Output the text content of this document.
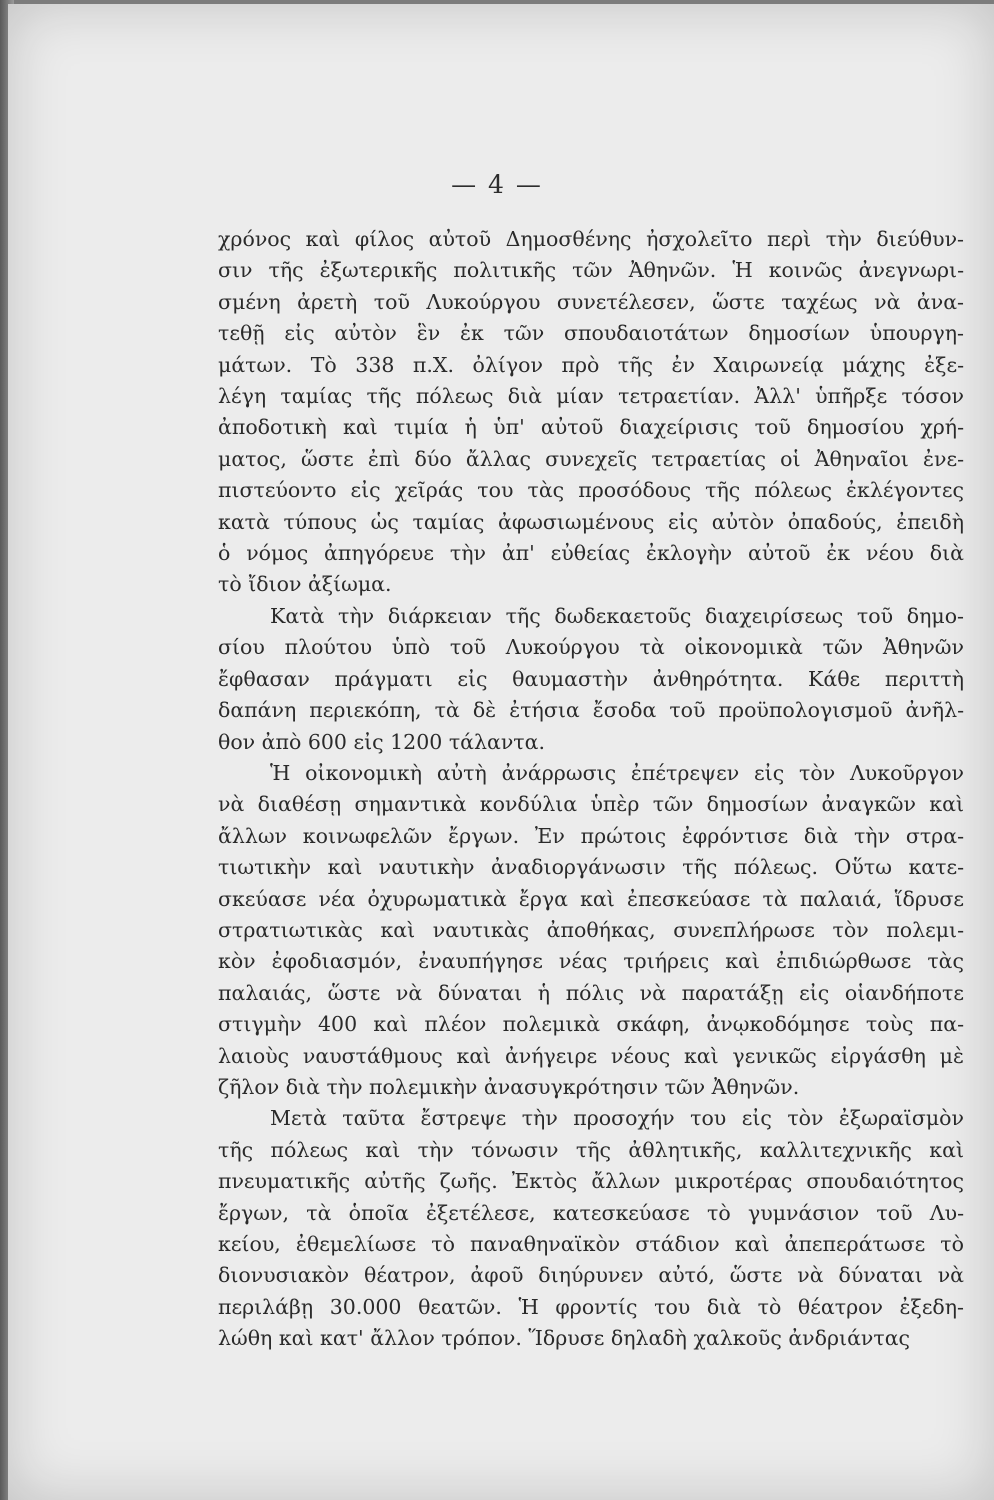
— 4 —
χρόνος καὶ φίλος αὐτοῦ Δημοσθένης ἠσχολεῖτο περὶ τὴν διεύθυν-
σιν τῆς ἐξωτερικῆς πολιτικῆς τῶν Ἀθηνῶν. Ἡ κοινῶς ἀνεγνωρι-
σμένη ἀρετὴ τοῦ Λυκούργου συνετέλεσεν, ὥστε ταχέως νὰ ἀνα-
τεθῇ εἰς αὐτὸν ἓν ἐκ τῶν σπουδαιοτάτων δημοσίων ὑπουργη-
μάτων. Τὸ 338 π.Χ. ὀλίγον πρὸ τῆς ἐν Χαιρωνείᾳ μάχης ἐξε-
λέγη ταμίας τῆς πόλεως διὰ μίαν τετραετίαν. Ἀλλ' ὑπῆρξε τόσον
ἀποδοτικὴ καὶ τιμία ἡ ὑπ' αὐτοῦ διαχείρισις τοῦ δημοσίου χρή-
ματος, ὥστε ἐπὶ δύο ἄλλας συνεχεῖς τετραετίας οἱ Ἀθηναῖοι ἐνε-
πιστεύοντο εἰς χεῖράς του τὰς προσόδους τῆς πόλεως ἐκλέγοντες
κατὰ τύπους ὡς ταμίας ἀφωσιωμένους εἰς αὐτὸν ὀπαδούς, ἐπειδὴ
ὁ νόμος ἀπηγόρευε τὴν ἀπ' εὐθείας ἐκλογὴν αὐτοῦ ἐκ νέου διὰ
τὸ ἴδιον ἀξίωμα.
Κατὰ τὴν διάρκειαν τῆς δωδεκαετοῦς διαχειρίσεως τοῦ δημο-
σίου πλούτου ὑπὸ τοῦ Λυκούργου τὰ οἰκονομικὰ τῶν Ἀθηνῶν
ἔφθασαν πράγματι εἰς θαυμαστὴν ἀνθηρότητα. Κάθε περιττὴ
δαπάνη περιεκόπη, τὰ δὲ ἐτήσια ἔσοδα τοῦ προϋπολογισμοῦ ἀνῆλ-
θον ἀπὸ 600 εἰς 1200 τάλαντα.
Ἡ οἰκονομικὴ αὐτὴ ἀνάρρωσις ἐπέτρεψεν εἰς τὸν Λυκοῦργον
νὰ διαθέσῃ σημαντικὰ κονδύλια ὑπὲρ τῶν δημοσίων ἀναγκῶν καὶ
ἄλλων κοινωφελῶν ἔργων. Ἐν πρώτοις ἐφρόντισε διὰ τὴν στρα-
τιωτικὴν καὶ ναυτικὴν ἀναδιοργάνωσιν τῆς πόλεως. Οὕτω κατε-
σκεύασε νέα ὀχυρωματικὰ ἔργα καὶ ἐπεσκεύασε τὰ παλαιά, ἵδρυσε
στρατιωτικὰς καὶ ναυτικὰς ἀποθήκας, συνεπλήρωσε τὸν πολεμι-
κὸν ἐφοδιασμόν, ἐναυπήγησε νέας τριήρεις καὶ ἐπιδιώρθωσε τὰς
παλαιάς, ὥστε νὰ δύναται ἡ πόλις νὰ παρατάξῃ εἰς οἱανδήποτε
στιγμὴν 400 καὶ πλέον πολεμικὰ σκάφη, ἀνῳκοδόμησε τοὺς πα-
λαιοὺς ναυστάθμους καὶ ἀνήγειρε νέους καὶ γενικῶς εἰργάσθη μὲ
ζῆλον διὰ τὴν πολεμικὴν ἀνασυγκρότησιν τῶν Ἀθηνῶν.
Μετὰ ταῦτα ἔστρεψε τὴν προσοχήν του εἰς τὸν ἐξωραϊσμὸν
τῆς πόλεως καὶ τὴν τόνωσιν τῆς ἀθλητικῆς, καλλιτεχνικῆς καὶ
πνευματικῆς αὐτῆς ζωῆς. Ἐκτὸς ἄλλων μικροτέρας σπουδαιότητος
ἔργων, τὰ ὁποῖα ἐξετέλεσε, κατεσκεύασε τὸ γυμνάσιον τοῦ Λυ-
κείου, ἐθεμελίωσε τὸ παναθηναϊκὸν στάδιον καὶ ἀπεπεράτωσε τὸ
διονυσιακὸν θέατρον, ἀφοῦ διηύρυνεν αὐτό, ὥστε νὰ δύναται νὰ
περιλάβῃ 30.000 θεατῶν. Ἡ φροντίς του διὰ τὸ θέατρον ἐξεδη-
λώθη καὶ κατ' ἄλλον τρόπον. Ἵδρυσε δηλαδὴ χαλκοῦς ἀνδριάντας
